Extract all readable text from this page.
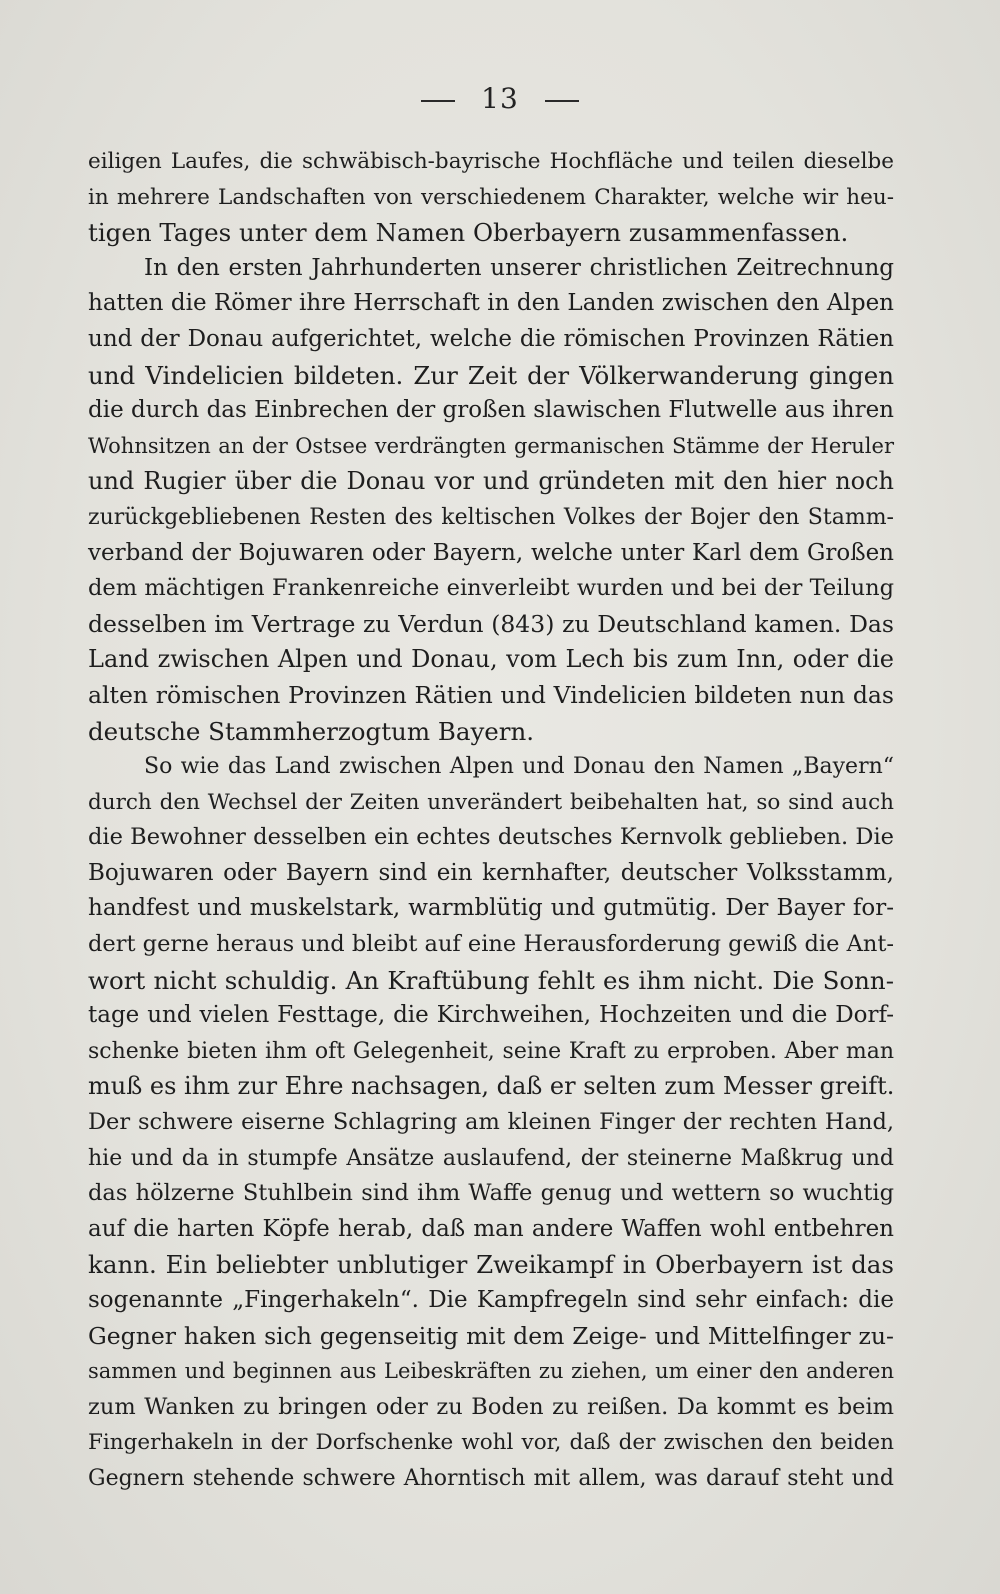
13
eiligen Laufes, die schwäbisch-bayrische Hochfläche und teilen dieselbe
in mehrere Landschaften von verschiedenem Charakter, welche wir heu-
tigen Tages unter dem Namen Oberbayern zusammenfassen.
In den ersten Jahrhunderten unserer christlichen Zeitrechnung
hatten die Römer ihre Herrschaft in den Landen zwischen den Alpen
und der Donau aufgerichtet, welche die römischen Provinzen Rätien
und Vindelicien bildeten. Zur Zeit der Völkerwanderung gingen
die durch das Einbrechen der großen slawischen Flutwelle aus ihren
Wohnsitzen an der Ostsee verdrängten germanischen Stämme der Heruler
und Rugier über die Donau vor und gründeten mit den hier noch
zurückgebliebenen Resten des keltischen Volkes der Bojer den Stamm-
verband der Bojuwaren oder Bayern, welche unter Karl dem Großen
dem mächtigen Frankenreiche einverleibt wurden und bei der Teilung
desselben im Vertrage zu Verdun (843) zu Deutschland kamen. Das
Land zwischen Alpen und Donau, vom Lech bis zum Inn, oder die
alten römischen Provinzen Rätien und Vindelicien bildeten nun das
deutsche Stammherzogtum Bayern.
So wie das Land zwischen Alpen und Donau den Namen „Bayern“
durch den Wechsel der Zeiten unverändert beibehalten hat, so sind auch
die Bewohner desselben ein echtes deutsches Kernvolk geblieben. Die
Bojuwaren oder Bayern sind ein kernhafter, deutscher Volksstamm,
handfest und muskelstark, warmblütig und gutmütig. Der Bayer for-
dert gerne heraus und bleibt auf eine Herausforderung gewiß die Ant-
wort nicht schuldig. An Kraftübung fehlt es ihm nicht. Die Sonn-
tage und vielen Festtage, die Kirchweihen, Hochzeiten und die Dorf-
schenke bieten ihm oft Gelegenheit, seine Kraft zu erproben. Aber man
muß es ihm zur Ehre nachsagen, daß er selten zum Messer greift.
Der schwere eiserne Schlagring am kleinen Finger der rechten Hand,
hie und da in stumpfe Ansätze auslaufend, der steinerne Maßkrug und
das hölzerne Stuhlbein sind ihm Waffe genug und wettern so wuchtig
auf die harten Köpfe herab, daß man andere Waffen wohl entbehren
kann. Ein beliebter unblutiger Zweikampf in Oberbayern ist das
sogenannte „Fingerhakeln“. Die Kampfregeln sind sehr einfach: die
Gegner haken sich gegenseitig mit dem Zeige- und Mittelfinger zu-
sammen und beginnen aus Leibeskräften zu ziehen, um einer den anderen
zum Wanken zu bringen oder zu Boden zu reißen. Da kommt es beim
Fingerhakeln in der Dorfschenke wohl vor, daß der zwischen den beiden
Gegnern stehende schwere Ahorntisch mit allem, was darauf steht und
